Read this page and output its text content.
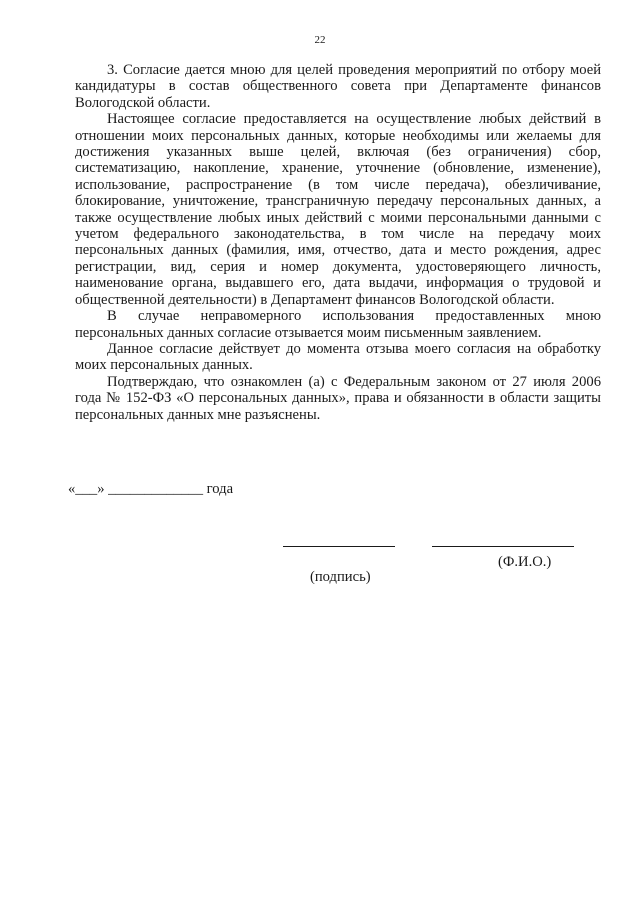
22

3. Согласие дается мною для целей проведения мероприятий по отбору моей кандидатуры в состав общественного совета при Департаменте финансов Вологодской области.

Настоящее согласие предоставляется на осуществление любых действий в отношении моих персональных данных, которые необходимы или желаемы для достижения указанных выше целей, включая (без ограничения) сбор, систематизацию, накопление, хранение, уточнение (обновление, изменение), использование, распространение (в том числе передача), обезличивание, блокирование, уничтожение, трансграничную передачу персональных данных, а также осуществление любых иных действий с моими персональными данными с учетом федерального законодательства, в том числе на передачу моих персональных данных (фамилия, имя, отчество, дата и место рождения, адрес регистрации, вид, серия и номер документа, удостоверяющего личность, наименование органа, выдавшего его, дата выдачи, информация о трудовой и общественной деятельности) в Департамент финансов Вологодской области.

В случае неправомерного использования предоставленных мною персональных данных согласие отзывается моим письменным заявлением.

Данное согласие действует до момента отзыва моего согласия на обработку моих персональных данных.

Подтверждаю, что ознакомлен (а) с Федеральным законом от 27 июля 2006 года № 152-ФЗ «О персональных данных», права и обязанности в области защиты персональных данных мне разъяснены.

«___» _____________ года
(Ф.И.О.)
(подпись)
